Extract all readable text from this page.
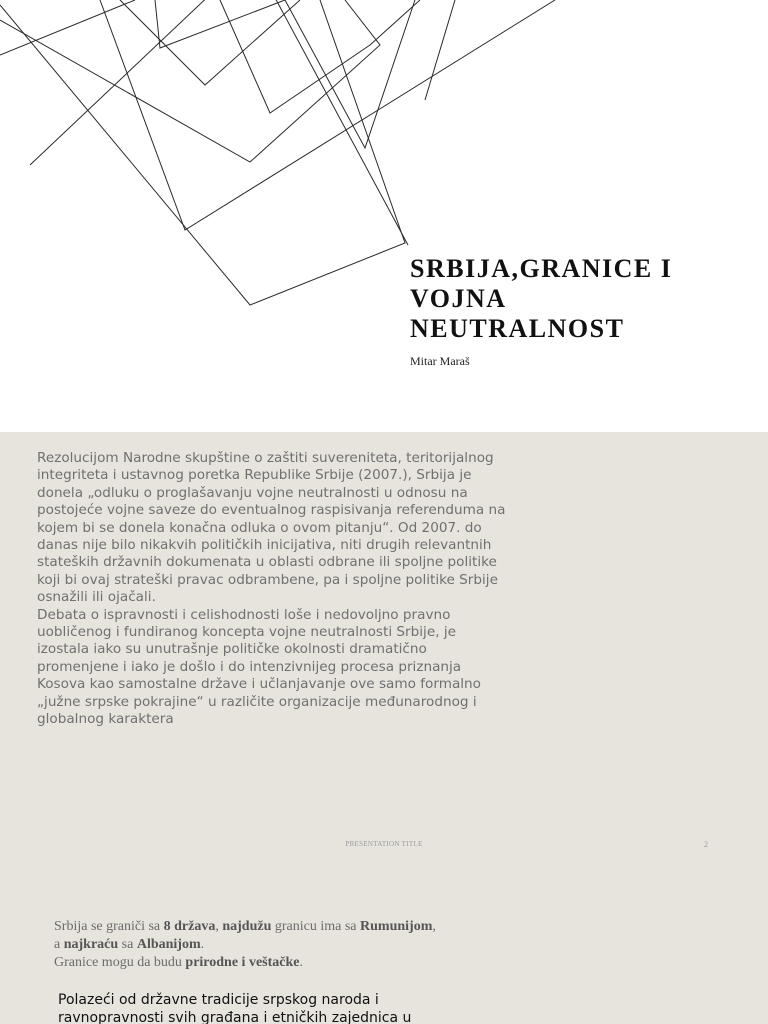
SRBIJA,GRANICE I
VOJNA
NEUTRALNOST
Mitar Maraš

Rezolucijom Narodne skupštine o zaštiti suvereniteta, teritorijalnog integriteta i ustavnog poretka Republike Srbije (2007.), Srbija je donela „odluku o proglašavanju vojne neutralnosti u odnosu na postojeće vojne saveze do eventualnog raspisivanja referenduma na kojem bi se donela konačna odluka o ovom pitanju“. Od 2007. do danas nije bilo nikakvih političkih inicijativa, niti drugih relevantnih stateških državnih dokumenata u oblasti odbrane ili spoljne politike koji bi ovaj strateški pravac odbrambene, pa i spoljne politike Srbije osnažili ili ojačali.

Debata o ispravnosti i celishodnosti loše i nedovoljno pravno uobličenog i fundiranog koncepta vojne neutralnosti Srbije, je izostala iako su unutrašnje političke okolnosti dramatično promenjene i iako je došlo i do intenzivnijeg procesa priznanja

Kosova kao samostalne države i učlanjavanje ove samo formalno „južne srpske pokrajine“ u različite organizacije međunarodnog i globalnog karaktera

PRESENTATION TITLE	2

Srbija se graniči sa 8 država, najdužu granicu ima sa Rumunijom,

a najkraću sa Albanijom.

Granice mogu da budu prirodne i veštačke.

Polazeći od državne tradicije srpskog naroda i

ravnopravnosti svih građana i etničkih zajednica u
